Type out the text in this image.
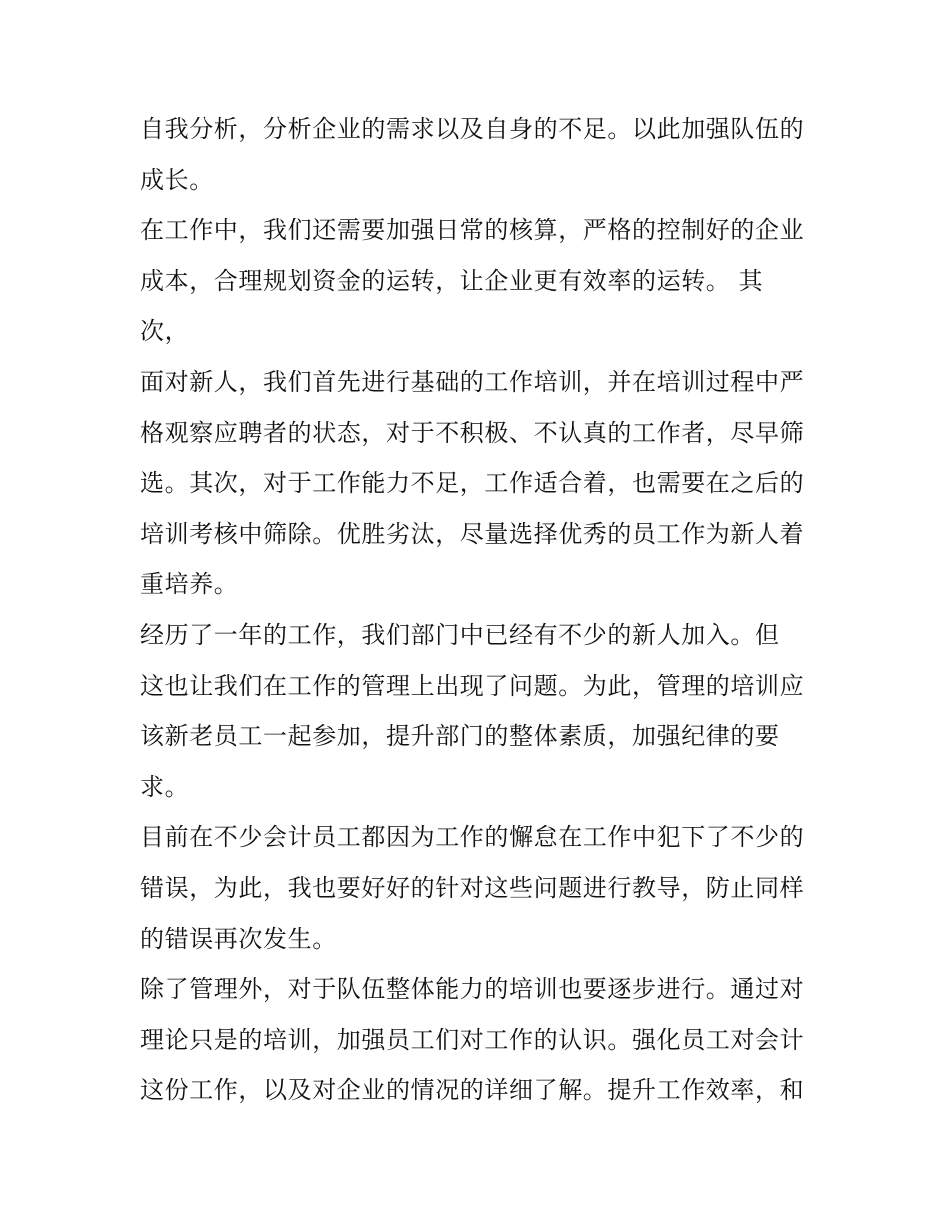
自我分析，分析企业的需求以及自身的不足。以此加强队伍的
成长。
在工作中，我们还需要加强日常的核算，严格的控制好的企业
成本，合理规划资金的运转，让企业更有效率的运转。 其
次，
面对新人，我们首先进行基础的工作培训，并在培训过程中严
格观察应聘者的状态，对于不积极、不认真的工作者，尽早筛
选。其次，对于工作能力不足，工作适合着，也需要在之后的
培训考核中筛除。优胜劣汰，尽量选择优秀的员工作为新人着
重培养。
经历了一年的工作，我们部门中已经有不少的新人加入。但
这也让我们在工作的管理上出现了问题。为此，管理的培训应
该新老员工一起参加，提升部门的整体素质，加强纪律的要
求。
目前在不少会计员工都因为工作的懈怠在工作中犯下了不少的
错误，为此，我也要好好的针对这些问题进行教导，防止同样
的错误再次发生。
除了管理外，对于队伍整体能力的培训也要逐步进行。通过对
理论只是的培训，加强员工们对工作的认识。强化员工对会计
这份工作，以及对企业的情况的详细了解。提升工作效率，和
